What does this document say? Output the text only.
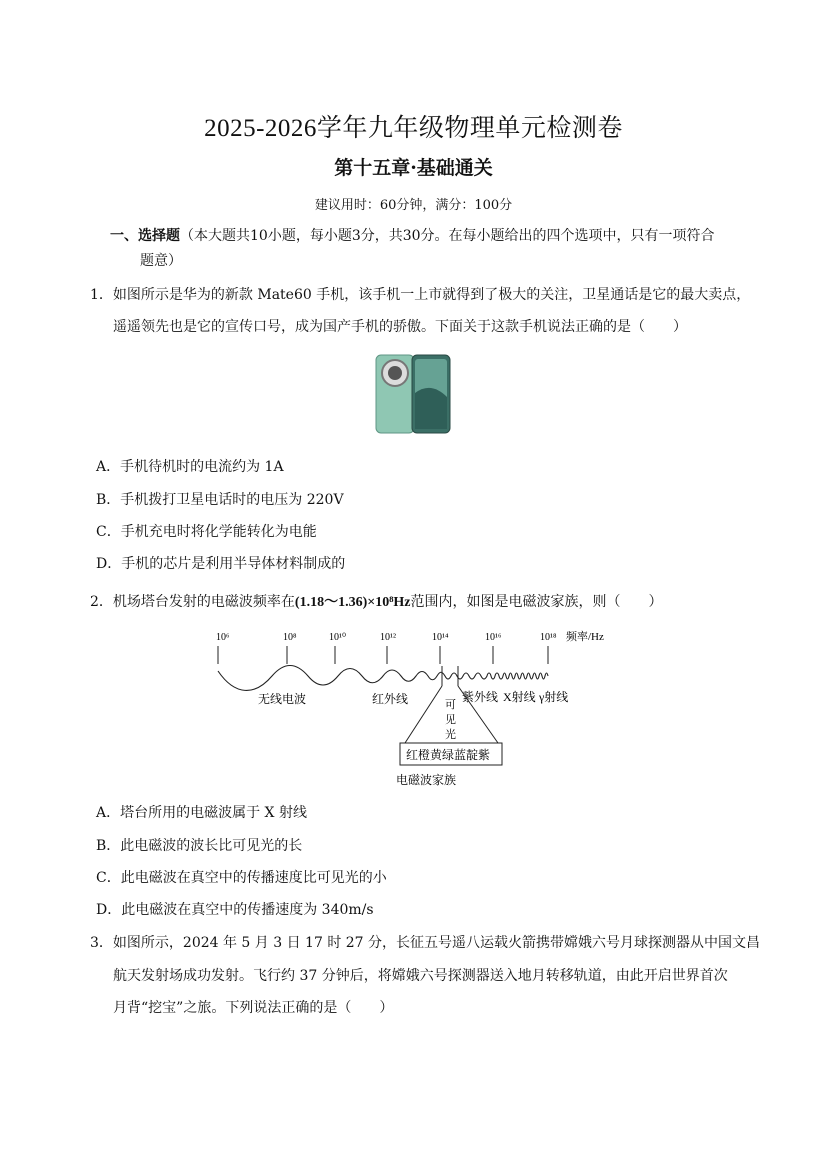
2025-2026学年九年级物理单元检测卷
第十五章·基础通关
建议用时：60分钟，满分：100分
一、选择题（本大题共10小题，每小题3分，共30分。在每小题给出的四个选项中，只有一项符合
题意）
1．如图所示是华为的新款 Mate60 手机，该手机一上市就得到了极大的关注，卫星通话是它的最大卖点，
遥遥领先也是它的宣传口号，成为国产手机的骄傲。下面关于这款手机说法正确的是（　　）
A．手机待机时的电流约为 1A
B．手机拨打卫星电话时的电压为 220V
C．手机充电时将化学能转化为电能
D．手机的芯片是利用半导体材料制成的
2．机场塔台发射的电磁波频率在(1.18～1.36)×10⁸Hz范围内，如图是电磁波家族，则（　　）
10⁶	10⁸	10¹⁰	10¹²	10¹⁴	10¹⁶	10¹⁸ 频率/Hz
无线电波	红外线	紫外线 X射线 γ射线
可
见
光
红橙黄绿蓝靛紫
电磁波家族
A．塔台所用的电磁波属于 X 射线
B．此电磁波的波长比可见光的长
C．此电磁波在真空中的传播速度比可见光的小
D．此电磁波在真空中的传播速度为 340m/s
3．如图所示，2024 年 5 月 3 日 17 时 27 分，长征五号遥八运载火箭携带嫦娥六号月球探测器从中国文昌
航天发射场成功发射。飞行约 37 分钟后，将嫦娥六号探测器送入地月转移轨道，由此开启世界首次
月背“挖宝”之旅。下列说法正确的是（　　）
